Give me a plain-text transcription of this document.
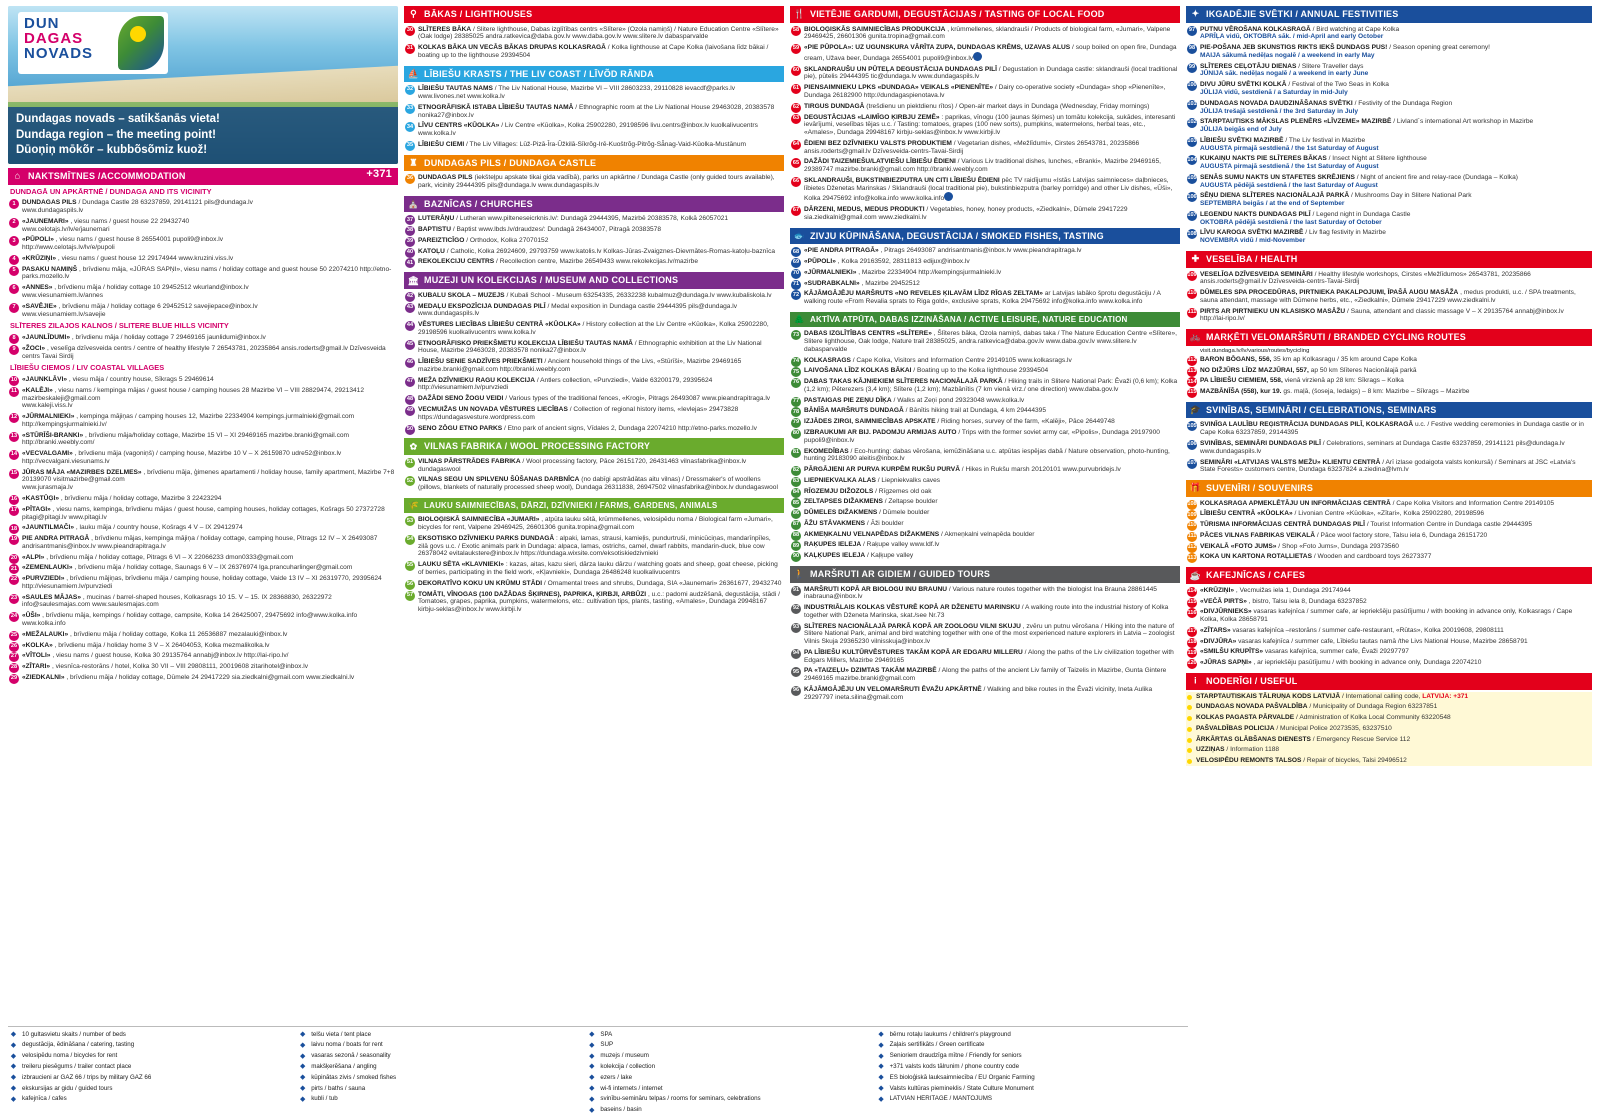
DUN
DAGAS
NOVADS
Dundagas novads – satikšanās vieta!
Dundaga region – the meeting point!
Dūoņiņ mōkõr – kubbõsõmiz kuož!
⌂ NAKTSMĪTNES /ACCOMMODATION	+371
DUNDAGĀ UN APKĀRTNĒ / DUNDAGA AND ITS VICINITY
1 DUNDAGAS PILS / Dundaga Castle 28 63237859, 29141121 pils@dundaga.lv
www.dundagaspils.lv
2 «JAUNEMARI» , viesu nams / guest house 22 29432740
www.celotajs.lv/lv/e/jaunemari
3 «PŪPOLI» , viesu nams / guest house 8 26554001 pupoli9@inbox.lv
http://www.celotajs.lv/lv/e/pupoli
4 «KRŪZIŅI» , viesu nams / guest house 12 29174944 www.kruzini.viss.lv
5 PASAKU NAMIŅŠ , brīvdienu māja, «JŪRAS SAPŅI», viesu nams / holiday cottage and guest house 50 22074210 http://etno-parks.mozello.lv
6 «ANNES» , brīvdienu māja / holiday cottage 10 29452512 wkurland@inbox.lv
www.viesunamiem.lv/annes
7 «SAVĒJIE» , brīvdienu māja / holiday cottage 6 29452512 savejiepace@inbox.lv
www.viesunamiem.lv/savejie
SLĪTERES ZILAJOS KALNOS / SLITERE BLUE HILLS VICINITY
8 «JAUNLĪDUMI» , brīvdienu māja / holiday cottage 7 29469165 jaunlidumi@inbox.lv
9 «ŽOCI» , veselīga dzīvesveida centrs / centre of healthy lifestyle 7 26543781, 20235864 ansis.roderts@gmail.lv Dzīvesveida centrs Tavai Sirdij
LĪBIEŠU CIEMOS / LIV COASTAL VILLAGES
10 «JAUNKLĀVI» , viesu māja / country house, Sīkrags 5 29469614
11 «KALĒJI» , viesu nams / kempinga mājas / guest house / camping houses 28 Mazirbe VI – VIII 28829474, 29213412 mazirbeskaleji@gmail.com
www.kaleji.viss.lv
12 «JŪRMALNIEKI» , kempinga mājiņas / camping houses 12, Mazirbe 22334904 kempings.jurmalnieki@gmail.com http://kempingsjurmalnieki.lv/
13 «STŪRĪŠI-BRANKI» , brīvdienu māja/holiday cottage, Mazirbe 15 VI – XI 29469165 mazirbe.branki@gmail.com http://branki.weebly.com/
14 «VECVALGAMI» , brīvdienu māja (vagoniņš) / camping house, Mazirbe 10 V – X 26159870 udre52@inbox.lv http://vecvalgani.viesunams.lv
15 JŪRAS MĀJA «MAZIRBES DZELMES» , brīvdienu māja, ģimenes apartamenti / holiday house, family apartment, Mazirbe 7+8 20139070 visitmazirbe@gmail.com
www.jurasmaja.lv
16 «KASTŪĢI» , brīvdienu māja / holiday cottage, Mazirbe 3 22423294
17 «PĪTAGI» , viesu nams, kempinga, brīvdienu mājas / guest house, camping houses, holiday cottages, Košrags 50 27372728 pitagi@pitagi.lv www.pitagi.lv
18 «JAUNTILMAČI» , lauku māja / country house, Košrags 4 V – IX 29412974
19 PIE ANDRA PITRAGĀ , brīvdienu mājas, kempinga mājiņa / holiday cottage, camping house, Pitrags 12 IV – X 26493087 andrisantmanis@inbox.lv www.pieandrapitraga.lv
20 «ALPI» , brīvdienu māja / holiday cottage, Pitrags 6 VI – X 22066233 dmon0333@gmail.com
21 «ZEMENLAUKI» , brīvdienu māja / holiday cottage, Saunags 6 V – IX 26376974 lga.prancuharlinger@gmail.com
22 «PURVZIEDI» , brīvdienu mājiņas, brīvdienu māja / camping house, holiday cottage, Vaide 13 IV – XI 26319770, 29395624 http://viesunamiem.lv/purvziedi
23 «SAULES MĀJAS» , mucinas / barrel-shaped houses, Kolkasrags 10 15. V – 15. IX 28368830, 26322972 info@saulesmajas.com www.saulesmajas.com
24 «ŪŠI» , brīvdienu māja, kempings / holiday cottage, campsite, Kolka 14 26425007, 29475692 info@www.kolka.info www.kolka.info
25 «MEŽALAUKI» , brīvdienu māja / holiday cottage, Kolka 11 26536887 mezalauki@inbox.lv
26 «KOLKA» , brīvdienu māja / holiday home 3 V – X 26404053, Kolka mezmalikolka.lv
27 «VĪTOLI» , viesu nams / guest house, Kolka 30 29135764 annabj@inbox.lv http://lai-ripo.lv/
28 «ZĪTARI» , viesnīca-restorāns / hotel, Kolka 30 VII – VIII 29808111, 20019608 zitarihotel@inbox.lv
29 «ZIEDKALNI» , brīvdienu māja / holiday cottage, Dūmele 24 29417229 sia.ziedkalni@gmail.com www.ziedkalni.lv
⚲ BĀKAS / LIGHTHOUSES
30 SLĪTERES BĀKA / Slitere lighthouse, Dabas izglītības centrs «Slītere» (Ozola namiņš) / Nature Education Centre «Slītere» (Oak lodge) 28385025 andra.ratkevica@daba.gov.lv www.daba.gov.lv www.slitere.lv dabasparvalde
31 KOLKAS BĀKA UN VECĀS BĀKAS DRUPAS KOLKASRAGĀ / Kolka lighthouse at Cape Kolka (laivošana līdz bākai / boating up to the lighthouse 29394504
⛵ LĪBIEŠU KRASTS / THE LIV COAST / LĪVÕD RĀNDA
32 LĪBIEŠU TAUTAS NAMS / The Liv National House, Mazirbe VI – VIII 28603233, 29110828 ievacdf@parks.lv www.livones.net www.kolka.lv
33 ETNOGRĀFISKĀ ISTABA LĪBIEŠU TAUTAS NAMĀ / Ethnographic room at the Liv National House 29463028, 20383578 nonika27@inbox.lv
34 LĪVU CENTRS «KŪOLKA» / Liv Centre «Kūolka», Kolka 25902280, 29198596 livu.centrs@inbox.lv kuolkalivucentrs www.kolka.lv
35 LĪBIEŠU CIEMI / The Liv Villages: Lūž-Pizā-Īra-Ūžkilā-Sīkrõg-Irē-Kuoštrõg-Pitrõg-Sǟnag-Vaid-Kūolka-Mustānum
♜ DUNDAGAS PILS / DUNDAGA CASTLE
36 DUNDAGAS PILS (iekšteļpu apskate tikai gida vadībā), parks un apkārtne / Dundaga Castle (only guided tours available), park, vicinity 29444395 pils@dundaga.lv www.dundagaspils.lv
⛪ BAZNĪCAS / CHURCHES
37 LUTERĀŅU / Lutheran www.pilteneseicrknis.lv/: Dundagā 29444395, Mazirbē 20383578, Kolkā 26057021
38 BAPTISTU / Baptist www.lbds.lv/draudzes/: Dundagā 26434007, Pitragā 20383578
39 PAREIZTICĪGO / Orthodox, Kolka 27070152
40 KATOĻU / Catholic, Kolka 26924609, 29793759 www.katolis.lv Kolkas-Jūras-Zvaigznes-Dievmātes-Romas-katoļu-baznīca
41 REKOLEKCIJU CENTRS / Recollection centre, Mazirbe 26549433 www.rekolekcijas.lv/mazirbe
🏛 MUZEJI UN KOLEKCIJAS / MUSEUM AND COLLECTIONS
42 KUBALU SKOLA – MUZEJS / Kubali School - Museum 63254335, 26332238 kubalmuz@dundaga.lv www.kubaliskola.lv
43 MEDAĻU EKSPOZĪCIJA DUNDAGAS PILĪ / Medal exposition in Dundaga castle 29444395 pils@dundaga.lv www.dundagaspils.lv
44 VĒSTURES LIECĪBAS LĪBIEŠU CENTRĀ «KŪOLKA» / History collection at the Liv Centre «Kūolka», Kolka 25902280, 29198596 kuolkalivucentrs www.kolka.lv
45 ETNOGRĀFISKO PRIEKŠMETU KOLEKCIJA LĪBIEŠU TAUTAS NAMĀ / Ethnographic exhibition at the Liv National House, Mazirbe 29463028, 20383578 nonika27@inbox.lv
46 LĪBIEŠU SENIE SADZĪVES PRIEKŠMETI / Ancient household things of the Livs, «Stūrīši», Mazirbe 29469165 mazirbe.branki@gmail.com http://branki.weebly.com
47 MEŽA DZĪVNIEKU RAGU KOLEKCIJA / Antlers collection, «Purvziedi», Vaide 63200179, 29395624 http://viesunamiem.lv/purvziedi
48 DAŽĀDI SENO ŽOGU VEIDI / Various types of the traditional fences, «Krogi», Pitrags 26493087 www.pieandrapitraga.lv
49 VECMUIŽAS UN NOVADA VĒSTURES LIECĪBAS / Collection of regional history items, «Ievlejas» 29473828 https://dundagasvesture.wordpress.com
50 SENO ZŌGU ETNO PARKS / Etno park of ancient signs, Vīdales 2, Dundaga 22074210 http://etno-parks.mozello.lv
✿ VILNAS FABRIKA / WOOL PROCESSING FACTORY
51 VILNAS PĀRSTRĀDES FABRIKA / Wool processing factory, Pāce 26151720, 26431463 vilnasfabrika@inbox.lv dundagaswool
52 VILNAS SEGU UN SPILVENU ŠŪŠANAS DARBNĪCA (no dabīgi apstrādātas aitu vilnas) / Dressmaker's of woollens (pillows, blankets of naturally processed sheep wool), Dundaga 26311838, 26947502 vilnasfabrika@inbox.lv dundagaswool
🌾 LAUKU SAIMNIECĪBAS, DĀRZI, DZĪVNIEKI / FARMS, GARDENS, ANIMALS
53 BIOLOĢISKĀ SAIMNIECĪBA «JUMARI» , atpūta lauku sētā, krūmmellenes, velosipēdu noma / Biological farm «Jumari», bicycles for rent, Valpene 29469425, 26601306 gunita.tropina@gmail.com
54 EKSOTISKO DZĪVNIEKU PARKS DUNDAGĀ : alpaki, lamas, strausi, kamieļis, pundurtruši, minicūciņas, mandarīnpīles, zilā govs u.c. / Exotic animals park in Dundaga: alpaca, lamas, ostrichs, camel, dwarf rabbits, mandarin-duck, blue cow 26378042 evitalaukstere@inbox.lv https://dundaga.wixsite.com/eksotiskiedzivnieki
55 LAUKU SĒTA «KLAVNIEKI» : kazas, aitas, kazu sieri, dārza lauku dārzu / watching goats and sheep, goat cheese, picking of berries, participating in the field work, «Kļavnieki», Dundaga 26486248 kuolkalivucentrs
56 DEKORATĪVO KOKU UN KRŪMU STĀDI / Ornamental trees and shrubs, Dundaga, SIA «Jaunemari» 26361677, 29432740
57 TOMĀTI, VĪNOGAS (100 DAŽĀDAS ŠĶIRNES), PAPRIKA, ĶIRBJI, ARBŪZI , u.c.: padomi audzēšanā, degustācija, stādi / Tomatoes, grapes, paprika, pumpkins, watermelons, etc.: cultivation tips, plants, tasting, «Amales», Dundaga 29948167 kirbju-seklas@inbox.lv www.kirbji.lv
🍴 VIETĒJIE GARDUMI, DEGUSTĀCIJAS / TASTING OF LOCAL FOOD
58 BIOLOĢISKĀS SAIMNIECĪBAS PRODUKCIJA , krūmmellenes, sklandrauši / Products of biological farm, «Jumari», Valpene 29469425, 26601306 gunita.tropina@gmail.com
59 «PIE PŪPOLA»: UZ UGUNSKURA VĀRĪTA ZUPA, DUNDAGAS KRĒMS, UZAVAS ALUS / soup boiled on open fire, Dundaga cream, Užava beer, Dundaga 26554001 pupoli9@inbox.lv
60 SKLANDRAUŠU UN PŪTEĻA DEGUSTĀCIJA DUNDAGAS PILĪ / Degustation in Dundaga castle: sklandrauši (local traditional pie), pūtelis 29444395 tic@dundaga.lv www.dundagaspils.lv
61 PIENSAIMNIEKU LPKS «DUNDAGA» VEIKALS «PIENENĪTE» / Dairy co-operative society «Dundaga» shop «Pienenīte», Dundaga 26182900 http://dundagaspienotava.lv
62 TIRGUS DUNDAGĀ (trešdienu un piektdienu rītos) / Open-air market days in Dundaga (Wednesday, Friday mornings)
63 DEGUSTĀCIJAS «LAIMĪGO ĶIRBJU ZEMĒ» : paprikas, vīnogu (100 jaunas šķirnes) un tomātu kolekcija, sukādes, interesanti ievārījumi, veselības tējas u.c. / Tasting: tomatoes, grapes (100 new sorts), pumpkins, watermelons, herbal teas, etc., «Amales», Dundaga 29948167 kirbju-seklas@inbox.lv www.kirbji.lv
64 ĒDIENI BEZ DZĪVNIEKU VALSTS PRODUKTIEM / Vegetarian dishes, «Mežlīdumi», Cirstes 26543781, 20235866 ansis.roderts@gmail.lv Dzīvesveida-centrs-Tavai-Sirdij
65 DAŽĀDI TAIZEMIEŠU/LATVIEŠU LĪBIEŠU ĒDIENI / Various Liv traditional dishes, lunches, «Branki», Mazirbe 29469165, 29389747 mazirbe.branki@gmail.com http://branki.weebly.com
66 SKLANDRAUŠI, BUKSTINBIEZPUTRA UN CITI LĪBIEŠU ĒDIENI pēc TV raidījumu «Istās Latvijas saimnieces» daļbnieces, lībietes Dženetas Marinskas / Sklandrauši (local traditional pie), bukstinbiezputra (barley porridge) and other Liv dishes, «Ūši», Kolka 29475692 info@kolka.info www.kolka.info
67 DĀRZENI, MEDUS, MEDUS PRODUKTI / Vegetables, honey, honey products, «Ziedkalni», Dūmele 29417229 sia.ziedkalni@gmail.com www.ziedkalni.lv
🐟 ZIVJU KŪPINĀŠANA, DEGUSTĀCIJA / SMOKED FISHES, TASTING
68 «PIE ANDRA PITRAGĀ» , Pitrags 26493087 andrisantmanis@inbox.lv www.pieandrapitraga.lv
69 «PŪPOLI» , Kolka 29163592, 28311813 edijux@inbox.lv
70 «JŪRMALNIEKI» , Mazirbe 22334904 http://kempingsjurmalnieki.lv
71 «SUDRABKALNI» , Mazirbe 29452512
72 KĀJĀMGĀJĒJU MARŠRUTS «NO REVELES ĶILAVĀM LĪDZ RĪGAS ZELTAM» ar Latvijas labāko šprotu degustāciju / A walking route «From Revalia sprats to Riga gold», exclusive sprats, Kolka 29475692 info@kolka.info www.kolka.info
🌲 AKTĪVA ATPŪTA, DABAS IZZINĀŠANA / ACTIVE LEISURE, NATURE EDUCATION
73 DABAS IZGLĪTĪBAS CENTRS «SLĪTERE» , Šlīteres bāka, Ozola namiņš, dabas taka / The Nature Education Centre «Slītere», Slitere lighthouse, Oak lodge, Nature trail 28385025, andra.ratkevica@daba.gov.lv www.daba.gov.lv www.slitere.lv dabasparvalde
74 KOLKASRAGS / Cape Kolka, Visitors and Information Centre 29149105 www.kolkasrags.lv
75 LAIVOŠANA LĪDZ KOLKAS BĀKAI / Boating up to the Kolka lighthouse 29394504
76 DABAS TAKAS KĀJNIEKIEM SLĪTERES NACIONĀLAJĀ PARKĀ / Hiking trails in Slitere National Park: Ēvaži (0,6 km); Kolka (1,2 km); Pēterezers (3,4 km); Slītere (1,2 km); Mazbānītis (7 km vienā virz./ one direction) www.daba.gov.lv
77 PASTAIGAS PIE ZEŅU DĪĶA / Walks at Zeņi pond 29323048 www.kolka.lv
78 BĀNĪŠA MARŠRUTS DUNDAGĀ / Bānītis hiking trail at Dundaga, 4 km 29444395
79 IZJĀDES ZIRGI, SAIMNIECĪBAS APSKATE / Riding horses, survey of the farm, «Kalēji», Pāce 26449748
80 IZBRAUKUMI AR BIJ. PADOMJU ARMIJAS AUTO / Trips with the former soviet army car, «Pipolis», Dundaga 29197900 pupoli9@inbox.lv
81 EKOMEDĪBAS / Eco-hunting: dabas vērošana, iemūžināšana u.c. atpūtas iespējas dabā / Nature observation, photo-hunting, hunting 29183090 aleitis@inbox.lv
82 PĀRGĀJIENI AR PURVA KURPĒM RUKŠU PURVĀ / Hikes in Rukšu marsh 20120101 www.purvubridejs.lv
83 LIEPNIEKVALKA ALAS / Liepniekvalks caves
84 RĪGZEMJU DIŽOZOLS / Rīgzemes old oak
85 ZELTAPSES DIŽAKMENS / Zeltapse boulder
86 DŪMELES DIŽAKMENS / Dūmele boulder
87 ĀŽU STĀVAKMENS / Āži boulder
88 AKMEŅKALNU VELNAPĒDAS DIŽAKMENS / Akmeņkalni velnapēda boulder
89 RAĶUPES IELEJA / Raķupe valley www.ldf.lv
90 KAĻĶUPES IELEJA / Kaļķupe valley
🚶 MARŠRUTI AR GIDIEM / GUIDED TOURS
91 MARŠRUTI KOPĀ AR BIOLOGU INU BRAUNU / Various nature routes together with the biologist Ina Brauna 28861445 inabrauna@inbox.lv
92 INDUSTRIĀLAIS KOLKAS VĒSTURĒ KOPĀ AR DŽENETU MARINSKU / A walking route into the industrial history of Kolka together with Dženeta Marinska, skat./see Nr.73
93 SLĪTERES NACIONĀLAJĀ PARKĀ KOPĀ AR ZOOLOGU VILNI SKUJU , zvēru un putnu vērošana / Hiking into the nature of Slitere National Park, animal and bird watching together with one of the most experienced nature explorers in Latvia – zoologist Vilnis Skuja 29365230 vilnisskuja@inbox.lv
94 PA LĪBIEŠU KULTŪRVĒSTURES TAKĀM KOPĀ AR EDGARU MILLERU / Along the paths of the Liv civilization together with Edgars Millers, Mazirbe 29469165
95 PA «TAIZEĻU» DZIMTAS TAKĀM MAZIRBĒ / Along the paths of the ancient Liv family of Taizelis in Mazirbe, Gunta Gintere 29469165 mazirbe.branki@gmail.com
96 KĀJĀMGĀJĒJU UN VELOMARŠRUTI ĒVAŽU APKĀRTNĒ / Walking and bike routes in the Ēvaži vicinity, Ineta Aulika 29297797 ineta.silina@gmail.com
✦ IKGADĒJIE SVĒTKI / ANNUAL FESTIVITIES
97 PUTNU VĒROŠANA KOLKASRAGĀ / Bird watching at Cape Kolka
APRĪĻA vidū, OKTOBRA sāk. / mid-April and early October
98 PIE-POŠANA JEB SKUNSTIGS RIKTS IEKŠ DUNDAGS PUS! / Season opening great ceremony!
MAIJA sākumā nedēļas nogalē / a weekend in early May
99 SLĪTERES CEĻOTĀJU DIENAS / Slitere Traveller days
JŪNIJA sāk. nedēļas nogalē / a weekend in early June
100 DIVU JŪRU SVĒTKI KOLKĀ / Festival of the Two Seas in Kolka
JŪLIJA vidū, sestdienā / a Saturday in mid-July
101 DUNDAGAS NOVADA DAUDZINĀŠANAS SVĒTKI / Festivity of the Dundaga Region
JŪLIJA trešajā sestdienā / the 3rd Saturday in July
102 STARPTAUTISKS MĀKSLAS PLENĒRS «LĪVZEME» MAZIRBĒ / Livland`s international Art workshop in Mazirbe
JŪLIJA beigās end of July
103 LĪBIEŠU SVĒTKI MAZIRBĒ / The Liv festival in Mazirbe
AUGUSTA pirmajā sestdienā / the 1st Saturday of August
104 KUKAIŅU NAKTS PIE SLĪTERES BĀKAS / Insect Night at Slitere lighthouse
AUGUSTA pirmajā sestdienā / the 1st Saturday of August
105 SENĀS SUMU NAKTS UN STAFETES SKRĒJIENS / Night of ancient fire and relay-race (Dundaga – Kolka)
AUGUSTA pēdējā sestdienā / the last Saturday of August
106 SĒŅU DIENA SLĪTERES NACIONĀLAJĀ PARKĀ / Mushrooms Day in Slitere National Park
SEPTEMBRA beigās / at the end of September
107 LEGENDU NAKTS DUNDAGAS PILĪ / Legend night in Dundaga Castle
OKTOBRA pēdējā sestdienā / the last Saturday of October
108 LĪVU KAROGA SVĒTKI MAZIRBĒ / Liv flag festivity in Mazirbe
NOVEMBRA vidū / mid-November
✚ VESELĪBA / HEALTH
109 VESELĪGA DZĪVESVEIDA SEMINĀRI / Healthy lifestyle workshops, Cirstes «Mežlīdumos» 26543781, 20235866 ansis.roderts@gmail.lv Dzīvesveida-centrs-Tavai-Sirdij
110 DŪMELES SPA PROCEDŪRAS, PIRTNIEKA PAKALPOJUMI, ĪPAŠĀ AUGU MASĀŽA , medus produkti, u.c. / SPA treatments, sauna attendant, massage with Dūmene herbs, etc., «Ziedkalni», Dūmele 29417229 www.ziedkalni.lv
111 PIRTS AR PIRTNIEKU UN KLASISKO MASĀŽU / Sauna, attendant and classic massage V – X 29135764 annabj@inbox.lv http://lai-ripo.lv/
🚲 MARĶĒTI VELOMARŠRUTI / BRANDED CYCLING ROUTES
visit.dundaga.lv/lv/various/routes/bycicling
112 BARON BŌGANS, 556, 35 km ap Kolkasragu / 35 km around Cape Kolka
113 NO DIŽJŪRS LĪDZ MAZJŪRAI, 557, ap 50 km Slīteres Nacionālajā parkā
114 PA LĪBIEŠU CIEMIEM, 558, vienā virzienā ap 28 km: Sīkrags – Kolka
115 MAZBĀNĪŠA (558), kur 19. gs. maļā, (šoseja, Iedaigs) – 8 km: Mazirbe – Sīkrags – Mazirbe
🎓 SVINĪBAS, SEMINĀRI / CELEBRATIONS, SEMINARS
105 SVINĪGA LAULĪBU REĢISTRĀCIJA DUNDAGAS PILĪ, KOLKASRAGĀ u.c. / Festive wedding ceremonies in Dundaga castle or in Cape Kolka 63237859, 29144395
106 SVINĪBAS, SEMINĀRI DUNDAGAS PILĪ / Celebrations, seminars at Dundaga Castle 63237859, 29141121 pils@dundaga.lv www.dundagaspils.lv
107 SEMINĀRI «LATVIJAS VALSTS MEŽU» KLIENTU CENTRĀ / Arī izlase godaigota valsts konkursā) / Seminars at JSC «Latvia's State Forests» customers centre, Dundaga 63237824 a.ziedina@lvm.lv
🎁 SUVENĪRI / SOUVENIRS
108 KOLKASRAGA APMEKLĒTĀJU UN INFORMĀCIJAS CENTRĀ / Cape Kolka Visitors and Information Centre 29149105
109 LĪBIEŠU CENTRĀ «KŪOLKA» / Livonian Centre «Kūolka», «Zītari», Kolka 25902280, 29198596
110 TŪRISMA INFORMĀCIJAS CENTRĀ DUNDAGAS PILĪ / Tourist Information Centre in Dundaga castle 29444395
111 PĀCES VILNAS FABRIKAS VEIKALĀ / Pāce wool factory store, Talsu iela 6, Dundaga 26151720
112 VEIKALĀ «FOTO JUMS» / Shop «Foto Jums», Dundaga 29373560
113 KOKA UN KARTONA ROTAĻLIETAS / Wooden and cardboard toys 26273377
☕ KAFEJNĪCAS / CAFES
114 «KRŪZIŅI» , Vecmuižas iela 1, Dundaga 29174944
115 «VEC̄Ā PIRTS» , bistro, Talsu iela 8, Dundaga 63237852
116 «DIVJŪRNIEKS» vasaras kafejnīca / summer cafe, ar iepriekšēju pasūtījumu / with booking in advance only, Kolkasrags / Cape Kolka, Kolka 28658791
117 «ZĪTARS» vasaras kafejnīca –restorāns / summer cafe-restaurant, «Rūtas», Kolka 20019608, 29808111
118 «DIVJŪRA» vasaras kafejnīca / summer cafe, Lībiešu tautas namā /the Livs National House, Mazirbe 28658791
119 «SMILŠU KRUPĪTS» vasaras kafejnīca, summer cafe, Ēvaži 29297797
120 «JŪRAS SAPŅI» , ar iepriekšēju pasūtījumu / with booking in advance only, Dundaga 22074210
i	NODERĪGI / USEFUL
STARPTAUTISKAIS TĀLRUŅA KODS LATVIJĀ / International calling code, LATVIJA: +371
DUNDAGAS NOVADA PAŠVALDĪBA / Municipality of Dundaga Region 63237851
KOLKAS PAGASTA PĀRVALDE / Administration of Kolka Local Community 63220548
PAŠVALDĪBAS POLICIJA / Municipal Police 20273535, 63237510
ĀRKĀRTAS GLĀBŠANAS DIENESTS / Emergency Rescue Service 112
UZZIŅAS / Information 1188
VELOSIPĒDU REMONTS TALSOS / Repair of bicycles, Talsi 29496512
◆ 10 gultasvietu skaits / number of beds
◆ degustācija, ēdināšana / catering, tasting
◆ velosipēdu noma / bicycles for rent
◆ treileru piesēgums / trailer contact place
◆ izbraucieni ar GAZ 66 / trips by military GAZ 66
◆ ekskursijas ar gidu / guided tours
◆ kafejnīca / cafes
◆ telšu vieta / tent place
◆ laivu noma / boats for rent
◆ vasaras sezonā / seasonality
◆ makšķerēšana / angling
◆ kūpinātas zivis / smoked fishes
◆ pirts / baths / sauna
◆ kubli / tub
◆ SPA
◆ SUP
◆ muzejs / museum
◆ kolekcija / collection
◆ ezers / lake
◆ wi-fi internets / internet
◆ svinību-semināru telpas / rooms for seminars, celebrations
◆ baseins / basin
◆ bērnu rotaļu laukums / children's playground
◆ Zaļais sertifikāts / Green certificate
◆ Senioriem draudzīga mītne / Friendly for seniors
◆ +371 valsts kods tālrunim / phone country code
◆ ES bioloģiskā lauksaimniecība / EU Organic Farming
◆ Valsts kultūras piemineklis / State Culture Monument
◆ LATVIAN HERITAGE / MANTOJUMS
